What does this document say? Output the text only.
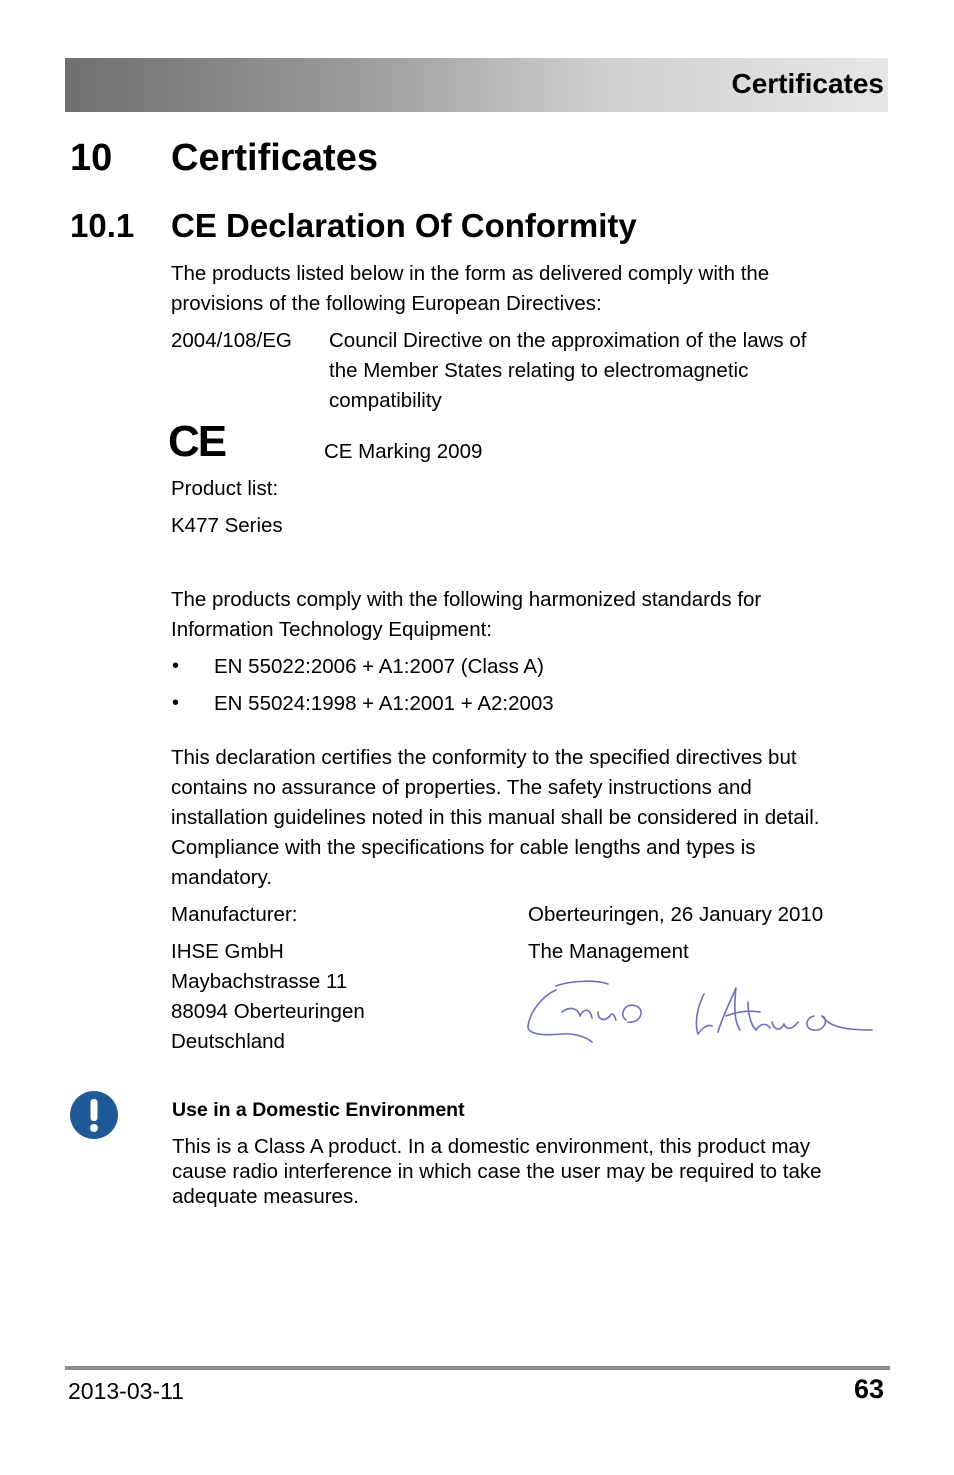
Certificates
10 Certificates
10.1 CE Declaration Of Conformity
The products listed below in the form as delivered comply with the
provisions of the following European Directives:
2004/108/EG Council Directive on the approximation of the laws of
the Member States relating to electromagnetic
compatibility
CE	CE Marking 2009
Product list:
K477 Series
The products comply with the following harmonized standards for
Information Technology Equipment:
• EN 55022:2006 + A1:2007 (Class A)
• EN 55024:1998 + A1:2001 + A2:2003
This declaration certifies the conformity to the specified directives but
contains no assurance of properties. The safety instructions and
installation guidelines noted in this manual shall be considered in detail.
Compliance with the specifications for cable lengths and types is
mandatory.
Manufacturer:	Oberteuringen, 26 January 2010
IHSE GmbH	The Management
Maybachstrasse 11
88094 Oberteuringen
Deutschland
Use in a Domestic Environment
This is a Class A product. In a domestic environment, this product may
cause radio interference in which case the user may be required to take
adequate measures.
2013-03-11	63
